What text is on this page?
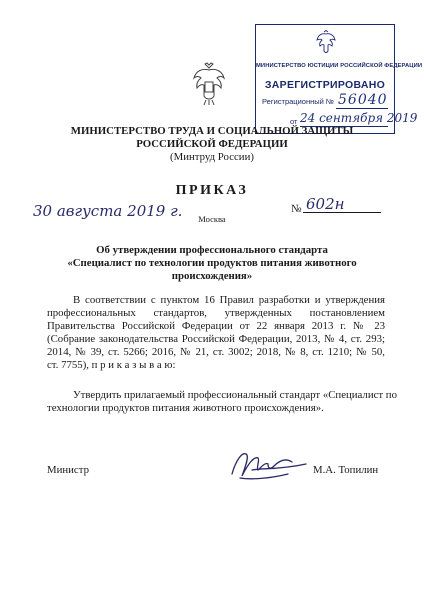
МИНИСТЕРСТВО ЮСТИЦИИ РОССИЙСКОЙ ФЕДЕРАЦИИ
ЗАРЕГИСТРИРОВАНО
Регистрационный № 56040
от 24 сентября 2019
МИНИСТЕРСТВО ТРУДА И СОЦИАЛЬНОЙ ЗАЩИТЫ
РОССИЙСКОЙ ФЕДЕРАЦИИ
(Минтруд России)
ПРИКАЗ
30 августа 2019 г.	Москва
№ 602н
Об утверждении профессионального стандарта
«Специалист по технологии продуктов питания животного
происхождения»
В соответствии с пунктом 16 Правил разработки и утверждения
профессиональных стандартов, утвержденных постановлением
Правительства Российской Федерации от 22 января 2013 г. № 23
(Собрание законодательства Российской Федерации, 2013, № 4, ст. 293;
2014, № 39, ст. 5266; 2016, № 21, ст. 3002; 2018, № 8, ст. 1210; № 50,
ст. 7755), п р и к а з ы в а ю:
Утвердить прилагаемый профессиональный стандарт «Специалист по
технологии продуктов питания животного происхождения».
Министр	М.А. Топилин
